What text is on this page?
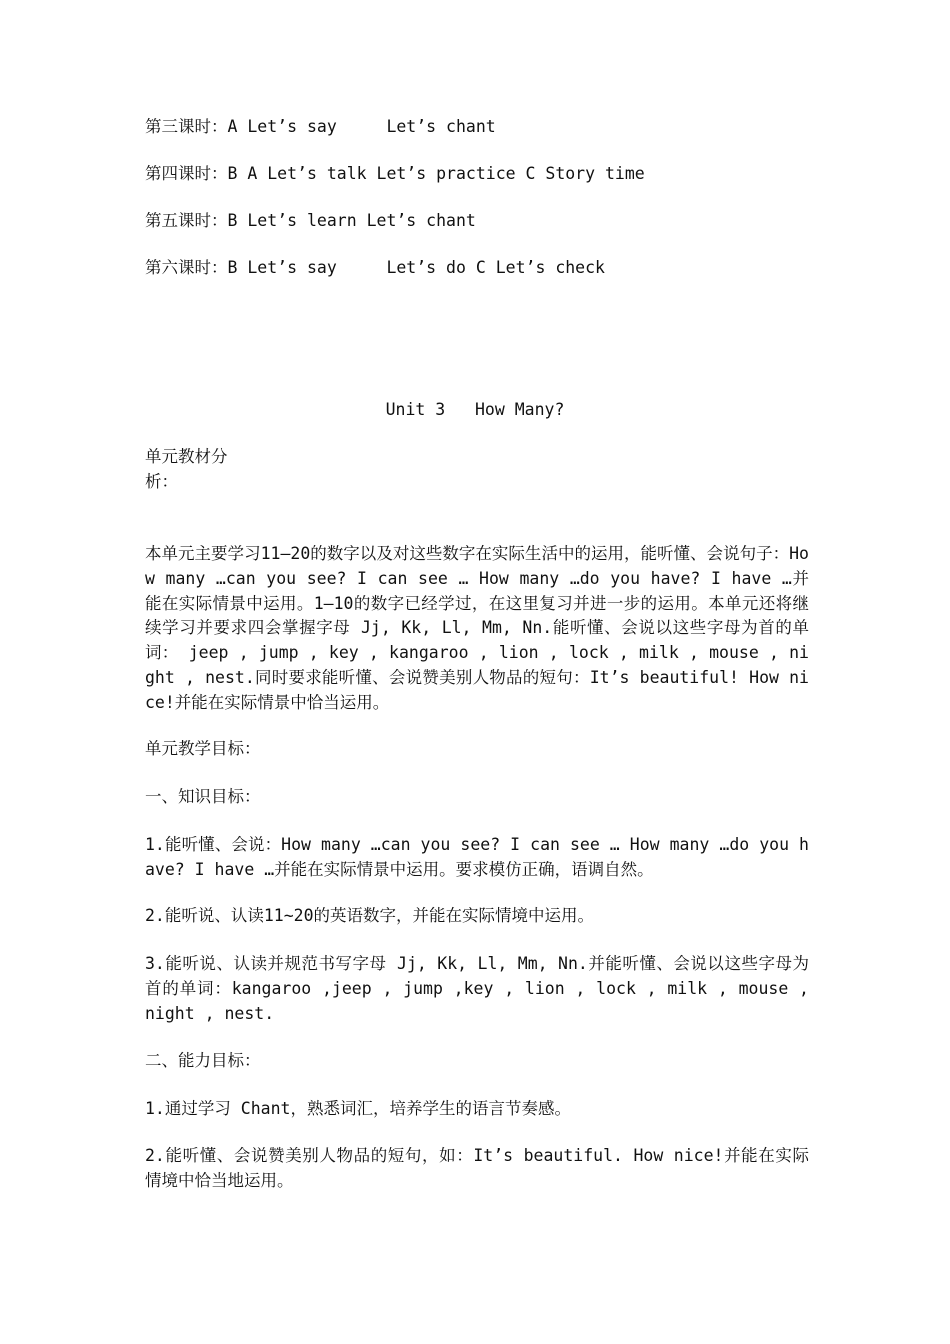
第三课时：A Let’s say     Let’s chant
第四课时：B A Let’s talk Let’s practice C Story time
第五课时：B Let’s learn Let’s chant
第六课时：B Let’s say     Let’s do C Let’s check
Unit 3   How Many?
单元教材分析：

本单元主要学习11—20的数字以及对这些数字在实际生活中的运用，能听懂、会说句子：How many …can you see? I can see … How many …do you have? I have …并能在实际情景中运用。1—10的数字已经学过，在这里复习并进一步的运用。本单元还将继续学习并要求四会掌握字母 Jj, Kk, Ll, Mm, Nn.能听懂、会说以这些字母为首的单词： jeep , jump , key , kangaroo , lion , lock , milk , mouse , night , nest.同时要求能听懂、会说赞美别人物品的短句：It’s beautiful! How nice!并能在实际情景中恰当运用。

单元教学目标：
一、知识目标：

1.能听懂、会说：How many …can you see? I can see … How many …do you have? I have …并能在实际情景中运用。要求模仿正确，语调自然。

2.能听说、认读11~20的英语数字，并能在实际情境中运用。

3.能听说、认读并规范书写字母 Jj, Kk, Ll, Mm, Nn.并能听懂、会说以这些字母为首的单词：kangaroo ,jeep , jump ,key , lion , lock , milk , mouse , night , nest.

二、能力目标：

1.通过学习 Chant，熟悉词汇，培养学生的语言节奏感。

2.能听懂、会说赞美别人物品的短句，如：It’s beautiful. How nice!并能在实际情境中恰当地运用。
